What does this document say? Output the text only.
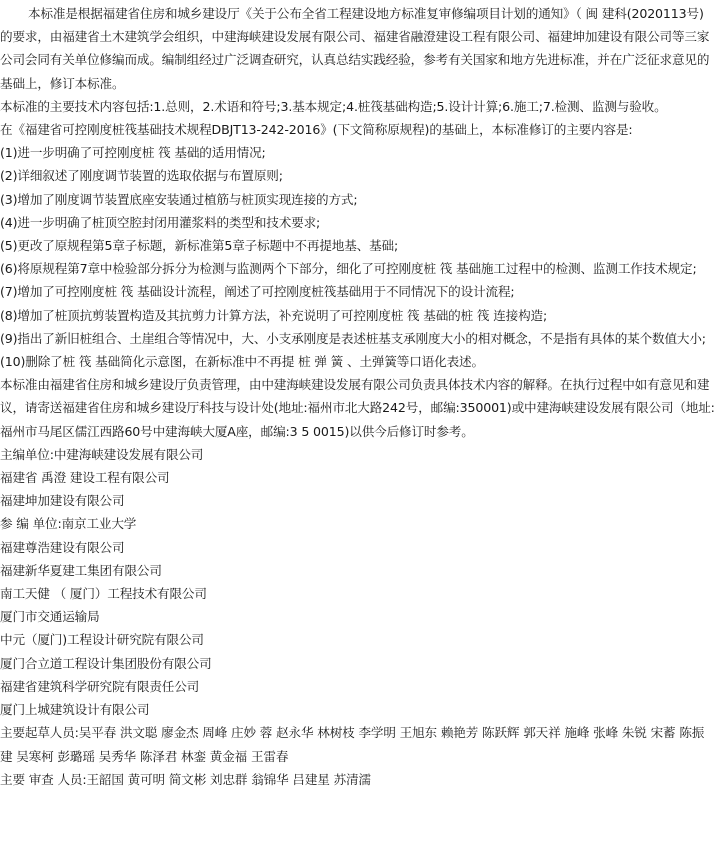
本标准是根据福建省住房和城乡建设厅《关于公布全省工程建设地方标准复审修编项目计划的通知》（ 闽 建科(2020113号)的要求，由福建省土木建筑学会组织，中建海峡建设发展有限公司、福建省融澄建设工程有限公司、福建坤加建设有限公司等三家公司会同有关单位修编而成。编制组经过广泛调查研究，认真总结实践经验，参考有关国家和地方先进标准，并在广泛征求意见的基础上，修订本标准。

本标准的主要技术内容包括:1.总则，2.术语和符号;3.基本规定;4.桩筏基础构造;5.设计计算;6.施工;7.检测、监测与验收。

在《福建省可控刚度桩筏基础技术规程DBJT13-242-2016》(下文简称原规程)的基础上，本标准修订的主要内容是:

(1)进一步明确了可控刚度桩 筏 基础的适用情况;

(2)详细叙述了刚度调节装置的选取依据与布置原则;

(3)增加了刚度调节装置底座安装通过植筋与桩顶实现连接的方式;

(4)进一步明确了桩顶空腔封闭用灌浆料的类型和技术要求;

(5)更改了原规程第5章子标题，新标准第5章子标题中不再提地基、基础;

(6)将原规程第7章中检验部分拆分为检测与监测两个下部分，细化了可控刚度桩 筏 基础施工过程中的检测、监测工作技术规定;

(7)增加了可控刚度桩 筏 基础设计流程，阐述了可控刚度桩筏基础用于不同情况下的设计流程;

(8)增加了桩顶抗剪装置构造及其抗剪力计算方法，补充说明了可控刚度桩 筏 基础的桩 筏 连接构造;

(9)指出了新旧桩组合、土崖组合等情况中，大、小支承刚度是表述桩基支承刚度大小的相对概念，不是指有具体的某个数值大小;

(10)删除了桩 筏 基础简化示意图，在新标准中不再提 桩 弹 簧 、土弹簧等口语化表述。

本标准由福建省住房和城乡建设厅负责管理，由中建海峡建设发展有限公司负责具体技术内容的解释。在执行过程中如有意见和建议，请寄送福建省住房和城乡建设厅科技与设计处(地址:福州市北大路242号，邮编:350001)或中建海峡建设发展有限公司（地址:福州市马尾区儒江西路60号中建海峡大厦A座，邮编:3 5 0015)以供今后修订时参考。

主编单位:中建海峡建设发展有限公司

福建省 禹澄 建设工程有限公司

福建坤加建设有限公司

参 编 单位:南京工业大学

福建尊浩建设有限公司

福建新华夏建工集团有限公司

南工天健 （ 厦门）工程技术有限公司

厦门市交通运输局

中元（厦门)工程设计研究院有限公司

厦门合立道工程设计集团股份有限公司

福建省建筑科学研究院有限责任公司

厦门上城建筑设计有限公司

主要起草人员:吴平春 洪文聪 廖金杰 周峰 庄妙 蓉 赵永华 林树枝 李学明 王旭东 赖艳芳 陈跃辉 郭天祥 施峰 张峰 朱锐 宋蓄 陈振建 吴寒柯 彭璐瑶 吴秀华 陈泽君 林銮 黄金福 王雷春

主要 审查 人员:王韶国 黄可明 简文彬 刘忠群 翁锦华 吕建星 苏清濡
